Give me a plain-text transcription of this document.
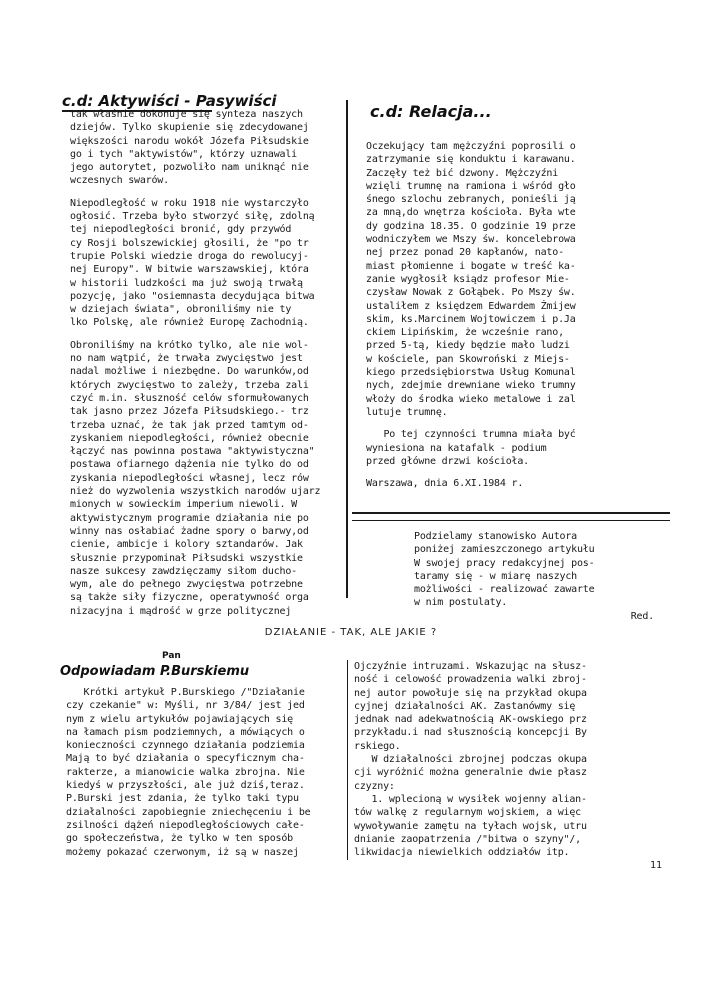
c.d: Aktywiści - Pasywiści

tak właśnie dokonuje się synteza naszych

dziejów. Tylko skupienie się zdecydowanej

większości narodu wokół Józefa Piłsudskie

go i tych "aktywistów", którzy uznawali

jego autorytet, pozwoliło nam uniknąć nie

wczesnych swarów.

Niepodległość w roku 1918 nie wystarczyło

ogłosić. Trzeba było stworzyć siłę, zdolną

tej niepodległości bronić, gdy przywód

cy Rosji bolszewickiej głosili, że "po tr

trupie Polski wiedzie droga do rewolucyj-

nej Europy". W bitwie warszawskiej, która

w historii ludzkości ma już swoją trwałą

pozycję, jako "osiemnasta decydująca bitwa

w dziejach świata", obroniliśmy nie ty

lko Polskę, ale również Europę Zachodnią.

Obroniliśmy na krótko tylko, ale nie wol-

no nam wątpić, że trwała zwycięstwo jest

nadal możliwe i niezbędne. Do warunków,od

których zwycięstwo to zależy, trzeba zali

czyć m.in. słuszność celów sformułowanych

tak jasno przez Józefa Piłsudskiego.- trz

trzeba uznać, że tak jak przed tamtym od-

zyskaniem niepodległości, również obecnie

łączyć nas powinna postawa "aktywistyczna"

postawa ofiarnego dążenia nie tylko do od

zyskania niepodległości własnej, lecz rów

nież do wyzwolenia wszystkich narodów ujarz

mionych w sowieckim imperium niewoli. W

aktywistycznym programie działania nie po

winny nas osłabiać żadne spory o barwy,od

cienie, ambicje i kolory sztandarów. Jak

słusznie przypominał Piłsudski wszystkie

nasze sukcesy zawdzięczamy siłom ducho-

wym, ale do pełnego zwycięstwa potrzebne

są także siły fizyczne, operatywność orga

nizacyjna i mądrość w grze politycznej

c.d: Relacja...

Oczekujący tam mężczyźni poprosili o

zatrzymanie się konduktu i karawanu.

Zaczęły też bić dzwony. Mężczyźni

wzięli trumnę na ramiona i wśród gło

śnego szlochu zebranych, ponieśli ją

za mną,do wnętrza kościoła. Była wte

dy godzina 18.35. O godzinie 19 prze

wodniczyłem we Mszy św. koncelebrowa

nej przez ponad 20 kapłanów, nato-

miast płomienne i bogate w treść ka-

zanie wygłosił ksiądz profesor Mie-

czysław Nowak z Gołąbek. Po Mszy św.

ustaliłem z księdzem Edwardem Żmijew

skim, ks.Marcinem Wojtowiczem i p.Ja

ckiem Lipińskim, że wcześnie rano,

przed 5-tą, kiedy będzie mało ludzi

w kościele, pan Skowroński z Miejs-

kiego przedsiębiorstwa Usług Komunal

nych, zdejmie drewniane wieko trumny

włoży do środka wieko metalowe i zal

lutuje trumnę.

Po tej czynności trumna miała być

wyniesiona na katafalk - podium

przed główne drzwi kościoła.

Warszawa, dnia 6.XI.1984 r.

Podzielamy stanowisko Autora

poniżej zamieszczonego artykułu

W swojej pracy redakcyjnej pos-

taramy się - w miarę naszych

możliwości - realizować zawarte

w nim postulaty.

Red.

DZIAŁANIE - TAK, ALE JAKIE ?
Pan
Odpowiadam P.Burskiemu

Krótki artykuł P.Burskiego /"Działanie

czy czekanie" w: Myśli, nr 3/84/ jest jed

nym z wielu artykułów pojawiających się

na łamach pism podziemnych, a mówiących o

konieczności czynnego działania podziemia

Mają to być działania o specyficznym cha-

rakterze, a mianowicie walka zbrojna. Nie

kiedyś w przyszłości, ale już dziś,teraz.

P.Burski jest zdania, że tylko taki typu

działalności zapobiegnie zniechęceniu i be

zsilności dążeń niepodległościowych całe-

go społeczeństwa, że tylko w ten sposób

możemy pokazać czerwonym, iż są w naszej

Ojczyźnie intruzami. Wskazując na słusz-

ność i celowość prowadzenia walki zbroj-

nej autor powołuje się na przykład okupa

cyjnej działalności AK. Zastanówmy się

jednak nad adekwatnością AK-owskiego prz

przykładu.i nad słusznością koncepcji By

rskiego.

W działalności zbrojnej podczas okupa

cji wyróżnić można generalnie dwie płasz

czyzny:

1. wplecioną w wysiłek wojenny alian-

tów walkę z regularnym wojskiem, a więc

wywoływanie zamętu na tyłach wojsk, utru

dnianie zaopatrzenia /"bitwa o szyny"/,

likwidacja niewielkich oddziałów itp.

11
